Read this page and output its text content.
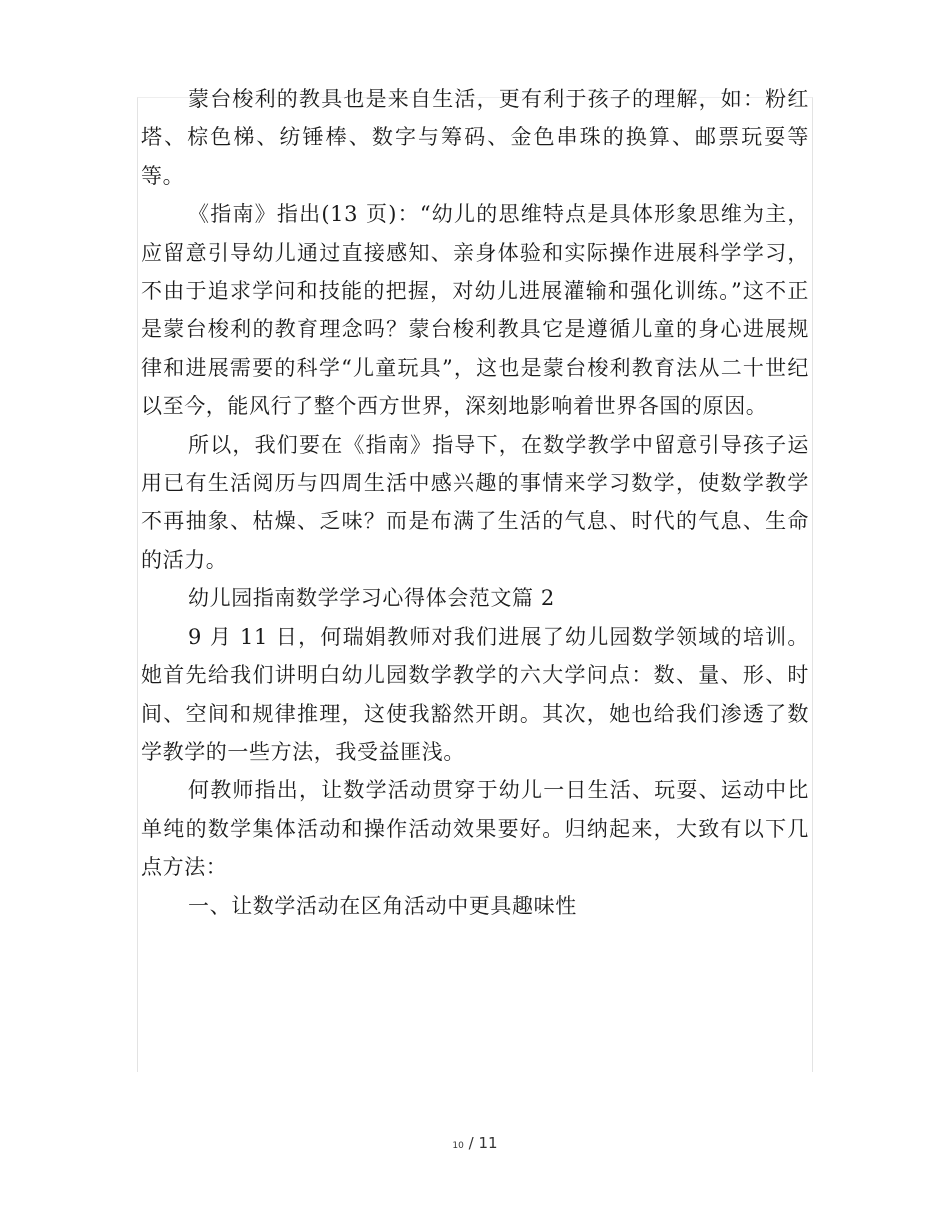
蒙台梭利的教具也是来自生活，更有利于孩子的理解，如：粉红塔、棕色梯、纺锤棒、数字与筹码、金色串珠的换算、邮票玩耍等等。

《指南》指出(13 页)：“幼儿的思维特点是具体形象思维为主，应留意引导幼儿通过直接感知、亲身体验和实际操作进展科学学习，不由于追求学问和技能的把握，对幼儿进展灌输和强化训练。”这不正是蒙台梭利的教育理念吗？蒙台梭利教具它是遵循儿童的身心进展规律和进展需要的科学“儿童玩具”，这也是蒙台梭利教育法从二十世纪以至今，能风行了整个西方世界，深刻地影响着世界各国的原因。

所以，我们要在《指南》指导下，在数学教学中留意引导孩子运用已有生活阅历与四周生活中感兴趣的事情来学习数学，使数学教学不再抽象、枯燥、乏味？而是布满了生活的气息、时代的气息、生命的活力。

幼儿园指南数学学习心得体会范文篇 2

9 月 11 日，何瑞娟教师对我们进展了幼儿园数学领域的培训。她首先给我们讲明白幼儿园数学教学的六大学问点：数、量、形、时间、空间和规律推理，这使我豁然开朗。其次，她也给我们渗透了数学教学的一些方法，我受益匪浅。

何教师指出，让数学活动贯穿于幼儿一日生活、玩耍、运动中比单纯的数学集体活动和操作活动效果要好。归纳起来，大致有以下几点方法：

一、让数学活动在区角活动中更具趣味性

10 / 11
